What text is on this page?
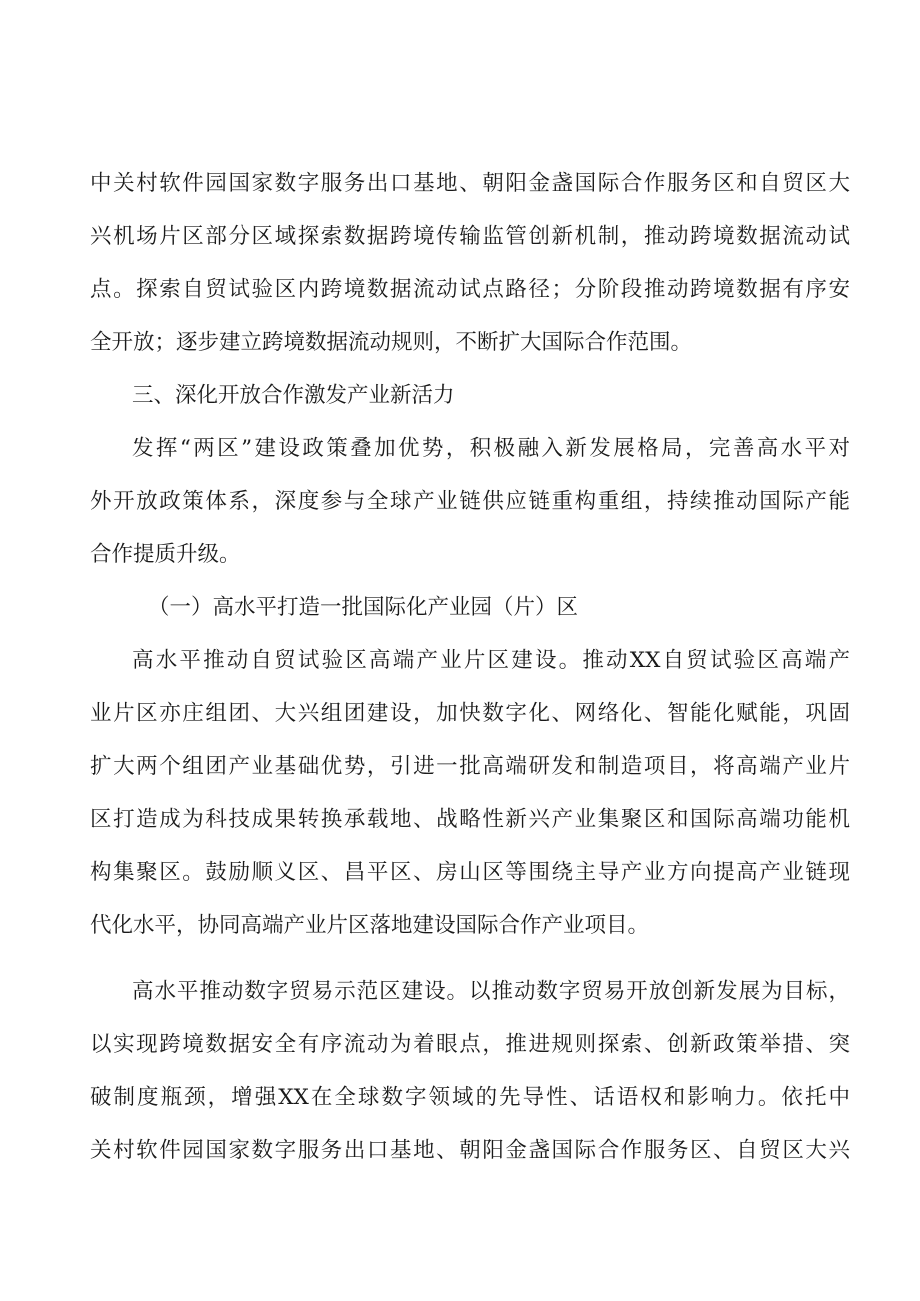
中关村软件园国家数字服务出口基地、朝阳金盏国际合作服务区和自贸区大
兴机场片区部分区域探索数据跨境传输监管创新机制，推动跨境数据流动试
点。探索自贸试验区内跨境数据流动试点路径；分阶段推动跨境数据有序安
全开放；逐步建立跨境数据流动规则，不断扩大国际合作范围。
三、深化开放合作激发产业新活力
发挥“两区”建设政策叠加优势，积极融入新发展格局，完善高水平对
外开放政策体系，深度参与全球产业链供应链重构重组，持续推动国际产能
合作提质升级。
（一）高水平打造一批国际化产业园（片）区
高水平推动自贸试验区高端产业片区建设。推动XX自贸试验区高端产
业片区亦庄组团、大兴组团建设，加快数字化、网络化、智能化赋能，巩固
扩大两个组团产业基础优势，引进一批高端研发和制造项目，将高端产业片
区打造成为科技成果转换承载地、战略性新兴产业集聚区和国际高端功能机
构集聚区。鼓励顺义区、昌平区、房山区等围绕主导产业方向提高产业链现
代化水平，协同高端产业片区落地建设国际合作产业项目。
高水平推动数字贸易示范区建设。以推动数字贸易开放创新发展为目标，
以实现跨境数据安全有序流动为着眼点，推进规则探索、创新政策举措、突
破制度瓶颈，增强XX在全球数字领域的先导性、话语权和影响力。依托中
关村软件园国家数字服务出口基地、朝阳金盏国际合作服务区、自贸区大兴
